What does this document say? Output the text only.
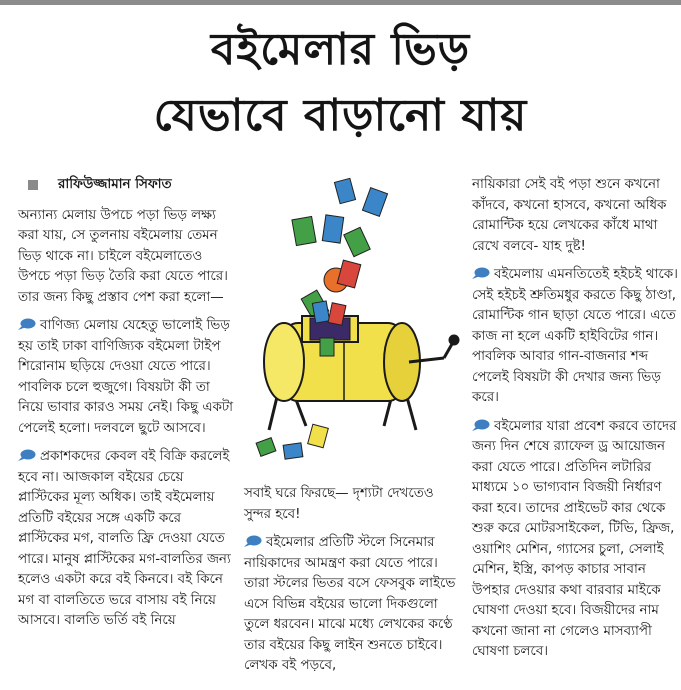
বইমেলার ভিড়
যেভাবে বাড়ানো যায়
রাফিউজ্জামান সিফাত

অন্যান্য মেলায় উপচে পড়া ভিড় লক্ষ্য করা যায়, সে তুলনায় বইমেলায় তেমন ভিড় থাকে না। চাইলে বইমেলাতেও উপচে পড়া ভিড় তৈরি করা যেতে পারে। তার জন্য কিছু প্রস্তাব পেশ করা হলো—

বাণিজ্য মেলায় যেহেতু ভালোই ভিড় হয় তাই ঢাকা বাণিজ্যিক বইমেলা টাইপ শিরোনাম ছড়িয়ে দেওয়া যেতে পারে। পাবলিক চলে হুজুগে। বিষয়টা কী তা নিয়ে ভাবার কারও সময় নেই। কিছু একটা পেলেই হলো। দলবলে ছুটে আসবে।

প্রকাশকদের কেবল বই বিক্রি করলেই হবে না। আজকাল বইয়ের চেয়ে প্লাস্টিকের মূল্য অধিক। তাই বইমেলায় প্রতিটি বইয়ের সঙ্গে একটি করে প্লাস্টিকের মগ, বালতি ফ্রি দেওয়া যেতে পারে। মানুষ প্লাস্টিকের মগ-বালতির জন্য হলেও একটা করে বই কিনবে। বই কিনে মগ বা বালতিতে ভরে বাসায় বই নিয়ে আসবে। বালতি ভর্তি বই নিয়ে

সবাই ঘরে ফিরছে— দৃশ্যটা দেখতেও সুন্দর হবে!

বইমেলার প্রতিটি স্টলে সিনেমার নায়িকাদের আমন্ত্রণ করা যেতে পারে। তারা স্টলের ভিতর বসে ফেসবুক লাইভে এসে বিভিন্ন বইয়ের ভালো দিকগুলো তুলে ধরবেন। মাঝে মধ্যে লেখকের কণ্ঠে তার বইয়ের কিছু লাইন শুনতে চাইবে। লেখক বই পড়বে,

নায়িকারা সেই বই পড়া শুনে কখনো কাঁদবে, কখনো হাসবে, কখনো অধিক রোমান্টিক হয়ে লেখকের কাঁধে মাথা রেখে বলবে- যাহ দুষ্ট!

বইমেলায় এমনতিতেই হইচই থাকে। সেই হইচই শ্রুতিমধুর করতে কিছু ঠাণ্ডা, রোমান্টিক গান ছাড়া যেতে পারে। এতে কাজ না হলে একটি হাইবিটের গান। পাবলিক আবার গান-বাজনার শব্দ পেলেই বিষয়টা কী দেখার জন্য ভিড় করে।

বইমেলার যারা প্রবেশ করবে তাদের জন্য দিন শেষে র‍্যাফেল ড্র আয়োজন করা যেতে পারে। প্রতিদিন লটারির মাধ্যমে ১০ ভাগ্যবান বিজয়ী নির্ধারণ করা হবে। তাদের প্রাইভেট কার থেকে শুরু করে মোটরসাইকেল, টিভি, ফ্রিজ, ওয়াশিং মেশিন, গ্যাসের চুলা, সেলাই মেশিন, ইস্ত্রি, কাপড় কাচার সাবান উপহার দেওয়ার কথা বারবার মাইকে ঘোষণা দেওয়া হবে। বিজয়ীদের নাম কখনো জানা না গেলেও মাসব্যাপী ঘোষণা চলবে।
